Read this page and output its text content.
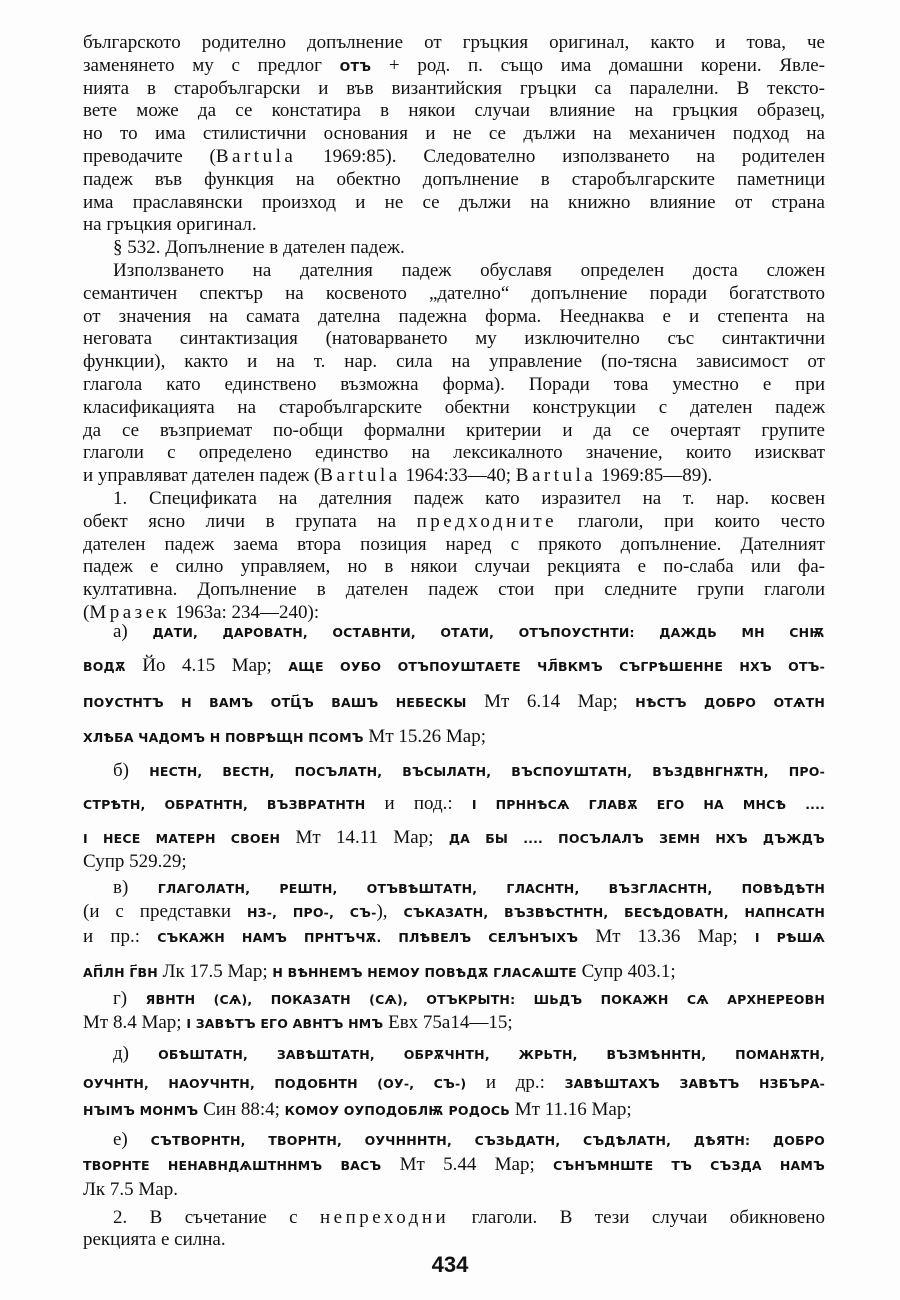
българското родително допълнение от гръцкия оригинал, както и това, че
заменянето му с предлог ОТЪ + род. п. също има домашни корени. Явле-
нията в старобългарски и във византийския гръцки са паралелни. В тексто-
вете може да се констатира в някои случаи влияние на гръцкия образец,
но то има стилистични основания и не се дължи на механичен подход на
преводачите (Bartula 1969:85). Следователно използването на родителен
падеж във функция на обектно допълнение в старобългарските паметници
има праславянски произход и не се дължи на книжно влияние от страна
на гръцкия оригинал.
§ 532. Допълнение в дателен падеж.
Използването на дателния падеж обуславя определен доста сложен
семантичен спектър на косвеното „дателно“ допълнение поради богатството
от значения на самата дателна падежна форма. Нееднаква е и степента на
неговата синтактизация (натоварването му изключително със синтактични
функции), както и на т. нар. сила на управление (по-тясна зависимост от
глагола като единствено възможна форма). Поради това уместно е при
класификацията на старобългарските обектни конструкции с дателен падеж
да се възприемат по-общи формални критерии и да се очертаят групите
глаголи с определено единство на лексикалното значение, които изискват
и управляват дателен падеж (Bartula 1964:33—40; Bartula 1969:85—89).
1. Спецификата на дателния падеж като изразител на т. нар. косвен
обект ясно личи в групата на предходните глаголи, при които често
дателен падеж заема втора позиция наред с прякото допълнение. Дателният
падеж е силно управляем, но в някои случаи рекцията е по-слаба или фа-
култативна. Допълнение в дателен падеж стои при следните групи глаголи
(Мразек 1963а: 234—240):
а) ДАТИ, ДАРОВАТН, ОСТАВНТИ, ОТАТИ, ОТЪПОУСТНТИ: ДАЖДЬ МН СНѬ
ВОДѪ Йо 4.15 Мар; АЩЕ ОУБО ОТЪПОУШТАЕТЕ ЧЛ҃ВКМЪ СЪГРѢШЕННЕ НХЪ ОТЪ-
ПОУСТНТЪ Н ВАМЪ ОТЦ҃Ъ ВАШЪ НЕБЕСКЫ Мт 6.14 Мар; НѢСТЪ ДОБРО ОТѦТН
ХЛѢБА ЧАДОМЪ Н ПОВРѢЩН ПСОМЪ Мт 15.26 Мар;
б) НЕСТН, ВЕСТН, ПОСЪЛАТН, ВЪСЫЛАТН, ВЪСПОУШТАТН, ВЪЗДВНГНѪТН, ПРО-
СТРѢТН, ОБРАТНТН, ВЪЗВРАТНТН и под.: І ПРННѢСѦ ГЛАВѪ ЕГО НА МНСѢ ....
І НЕСЕ МАТЕРН СВОЕН Мт 14.11 Мар; ДА БЫ .... ПОСЪЛАЛЪ ЗЕМН НХЪ ДЪЖДЪ
Супр 529.29;
в) ГЛАГОЛАТН, РЕШТН, ОТЪВѢШТАТН, ГЛАСНТН, ВЪЗГЛАСНТН, ПОВѢДѢТН
(и с представки НЗ-, ПРО-, СЪ-), СЪКАЗАТН, ВЪЗВѢСТНТН, БЕСѢДОВАТН, НАПНСАТН
и пр.: СЪКАЖН НАМЪ ПРНТЪЧѪ. ПЛѢВЕЛЪ СЕЛЪНЪІХЪ Мт 13.36 Мар; І РѢШѦ
АП҃ЛН Г҃ВН Лк 17.5 Мар; Н ВѢННЕМЪ НЕМОУ ПОВѢДѪ ГЛАСѦШТЕ Супр 403.1;
г) ЯВНТН (СѦ), ПОКАЗАТН (СѦ), ОТЪКРЫТН: ШЬДЪ ПОКАЖН СѦ АРХНЕРЕОВН
Мт 8.4 Мар; І ЗАВѢТЪ ЕГО АВНТЪ НМЪ Евх 75а14—15;
д) ОБѢШТАТН, ЗАВѢШТАТН, ОБРѪЧНТН, ЖРЬТН, ВЪЗМѢННТН, ПОМАНѪТН,
ОУЧНТН, НАОУЧНТН, ПОДОБНТН (ОУ-, СЪ-) и др.: ЗАВѢШТАХЪ ЗАВѢТЪ НЗБЪРА-
НЪІМЪ МОНМЪ Син 88:4; КОМОУ ОУПОДОБЛѬ РОДОСЬ Мт 11.16 Мар;
е) СЪТВОРНТН, ТВОРНТН, ОУЧНННТН, СЪЗЬДАТН, СЪДѢЛАТН, ДѢЯТН: ДОБРО
ТВОРНТЕ НЕНАВНДѦШТННМЪ ВАСЪ Мт 5.44 Мар; СЪНЪМНШТЕ ТЪ СЪЗДА НАМЪ
Лк 7.5 Мар.
2. В съчетание с непреходни глаголи. В тези случаи обикновено
рекцията е силна.
434
